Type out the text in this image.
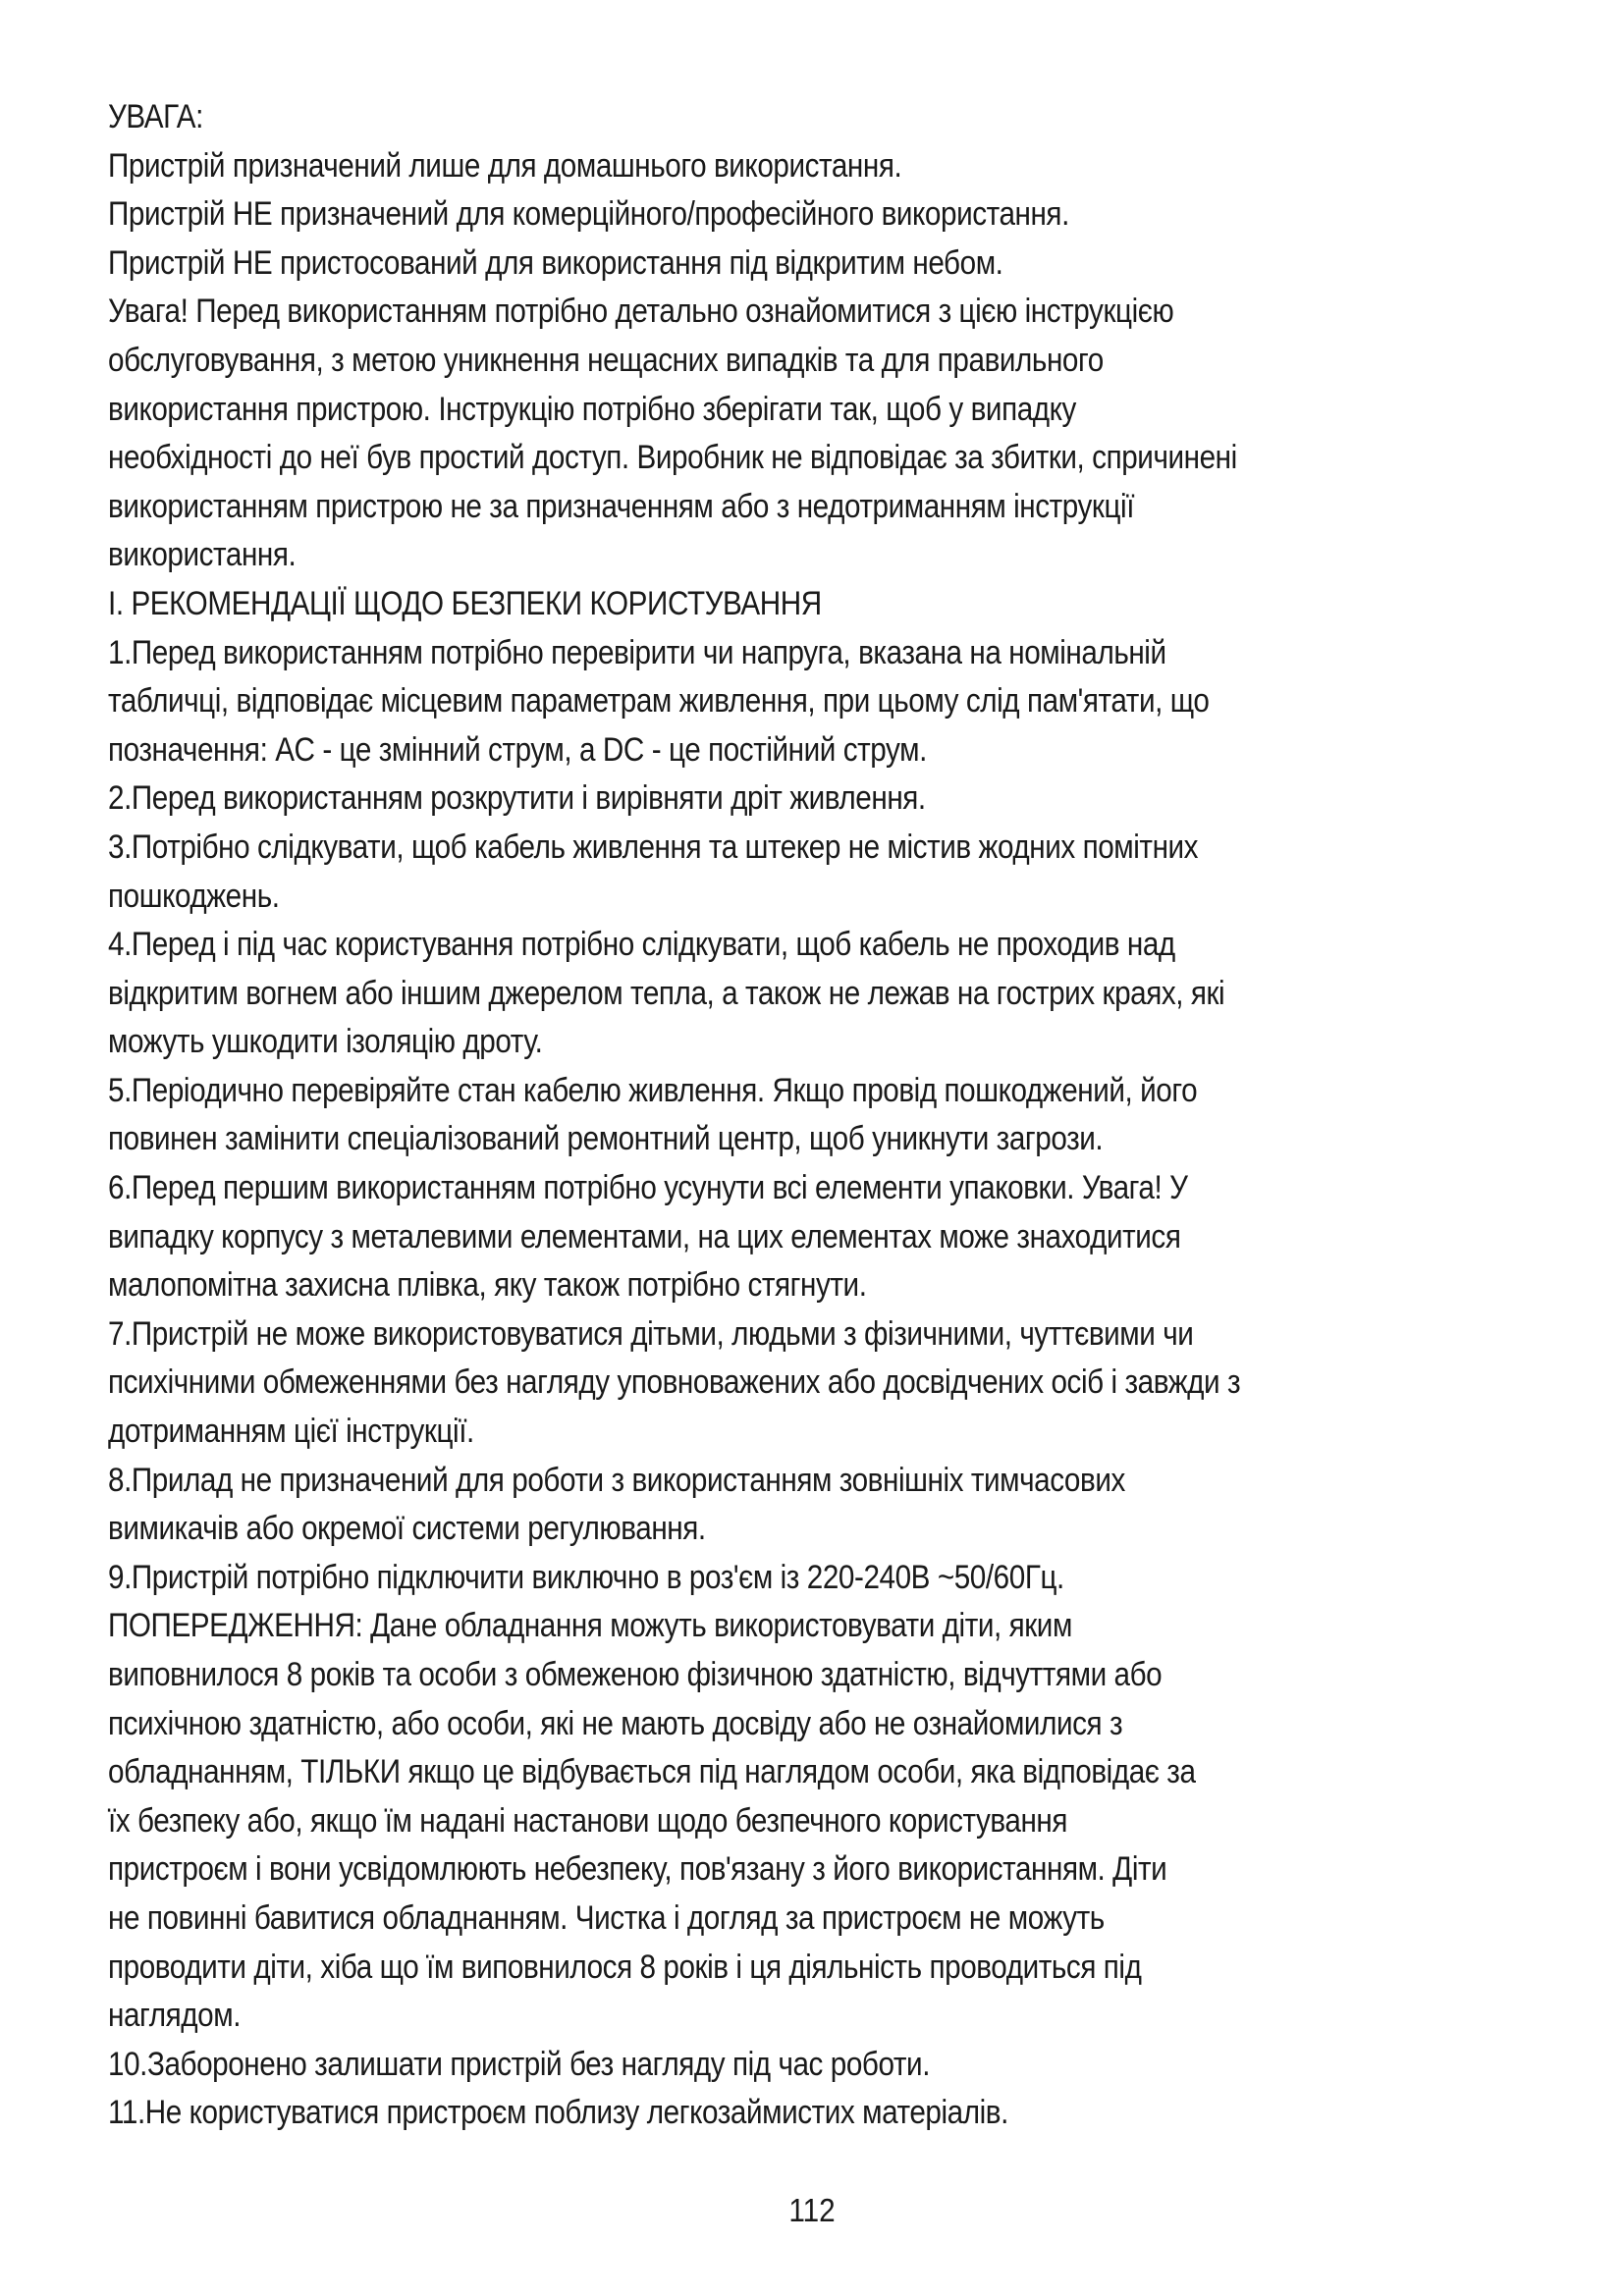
УВАГА:
Пристрій призначений лише для домашнього використання.
Пристрій НЕ призначений для комерційного/професійного використання.
Пристрій НЕ пристосований для використання під відкритим небом.
Увага! Перед використанням потрібно детально ознайомитися з цією інструкцією
обслуговування, з метою уникнення нещасних випадків та для правильного
використання пристрою. Інструкцію потрібно зберігати так, щоб у випадку
необхідності до неї був простий доступ. Виробник не відповідає за збитки, спричинені
використанням пристрою не за призначенням або з недотриманням інструкції
використання.
I. РЕКОМЕНДАЦІЇ ЩОДО БЕЗПЕКИ КОРИСТУВАННЯ
1.Перед використанням потрібно перевірити чи напруга, вказана на номінальній
табличці, відповідає місцевим параметрам живлення, при цьому слід пам'ятати, що
позначення: AC - це змінний струм, а DC - це постійний струм.
2.Перед використанням розкрутити і вирівняти дріт живлення.
3.Потрібно слідкувати, щоб кабель живлення та штекер не містив жодних помітних
пошкоджень.
4.Перед і під час користування потрібно слідкувати, щоб кабель не проходив над
відкритим вогнем або іншим джерелом тепла, а також не лежав на гострих краях, які
можуть ушкодити ізоляцію дроту.
5.Періодично перевіряйте стан кабелю живлення. Якщо провід пошкоджений, його
повинен замінити спеціалізований ремонтний центр, щоб уникнути загрози.
6.Перед першим використанням потрібно усунути всі елементи упаковки. Увага! У
випадку корпусу з металевими елементами, на цих елементах може знаходитися
малопомітна захисна плівка, яку також потрібно стягнути.
7.Пристрій не може використовуватися дітьми, людьми з фізичними, чуттєвими чи
психічними обмеженнями без нагляду уповноважених або досвідчених осіб і завжди з
дотриманням цієї інструкції.
8.Прилад не призначений для роботи з використанням зовнішніх тимчасових
вимикачів або окремої системи регулювання.
9.Пристрій потрібно підключити виключно в роз'єм із 220-240В ~50/60Гц.
ПОПЕРЕДЖЕННЯ: Дане обладнання можуть використовувати діти, яким
виповнилося 8 років та особи з обмеженою фізичною здатністю, відчуттями або
психічною здатністю, або особи, які не мають досвіду або не ознайомилися з
обладнанням, ТІЛЬКИ якщо це відбувається під наглядом особи, яка відповідає за
їх безпеку або, якщо їм надані настанови щодо безпечного користування
пристроєм і вони усвідомлюють небезпеку, пов'язану з його використанням. Діти
не повинні бавитися обладнанням. Чистка і догляд за пристроєм не можуть
проводити діти, хіба що їм виповнилося 8 років і ця діяльність проводиться під
наглядом.
10.Заборонено залишати пристрій без нагляду під час роботи.
11.Не користуватися пристроєм поблизу легкозаймистих матеріалів.
112
